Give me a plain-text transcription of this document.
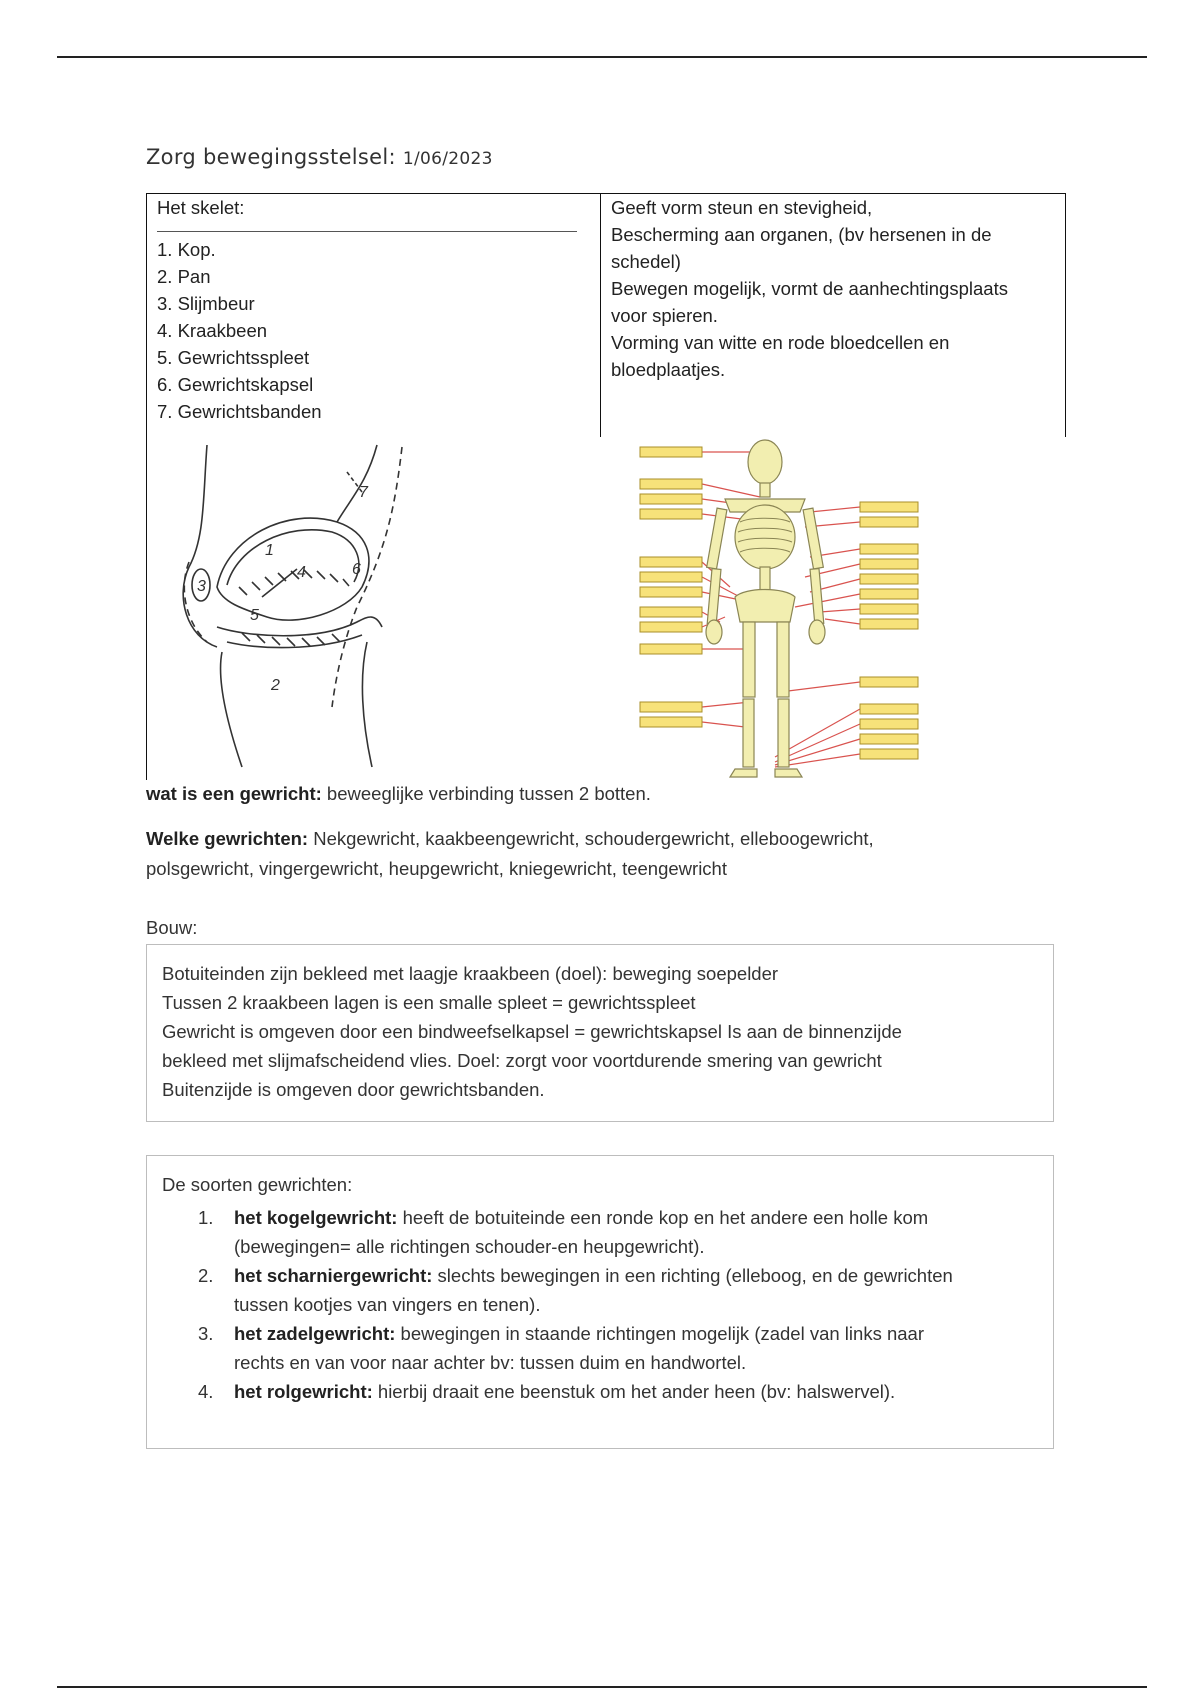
Zorg bewegingsstelsel: 1/06/2023
Het skelet:
1. Kop.
2. Pan
3. Slijmbeur
4. Kraakbeen
5. Gewrichtsspleet
6. Gewrichtskapsel
7. Gewrichtsbanden
Geeft vorm steun en stevigheid,
Bescherming aan organen, (bv hersenen in de
schedel)
Bewegen mogelijk, vormt de aanhechtingsplaats
voor spieren.
Vorming van witte en rode bloedcellen en
bloedplaatjes.
1
2
3
4
5
6
7
wat is een gewricht: beweeglijke verbinding tussen 2 botten.
Welke gewrichten: Nekgewricht, kaakbeengewricht, schoudergewricht, elleboogewricht,
polsgewricht, vingergewricht, heupgewricht, kniegewricht, teengewricht
Bouw:
Botuiteinden zijn bekleed met laagje kraakbeen (doel): beweging soepelder
Tussen 2 kraakbeen lagen is een smalle spleet = gewrichtsspleet
Gewricht is omgeven door een bindweefselkapsel = gewrichtskapsel Is aan de binnenzijde
bekleed met slijmafscheidend vlies. Doel: zorgt voor voortdurende smering van gewricht
Buitenzijde is omgeven door gewrichtsbanden.
De soorten gewrichten:
1. het kogelgewricht: heeft de botuiteinde een ronde kop en het andere een holle kom
(bewegingen= alle richtingen schouder-en heupgewricht).
2. het scharniergewricht: slechts bewegingen in een richting (elleboog, en de gewrichten
tussen kootjes van vingers en tenen).
3. het zadelgewricht: bewegingen in staande richtingen mogelijk (zadel van links naar
rechts en van voor naar achter bv: tussen duim en handwortel.
4. het rolgewricht: hierbij draait ene beenstuk om het ander heen (bv: halswervel).
